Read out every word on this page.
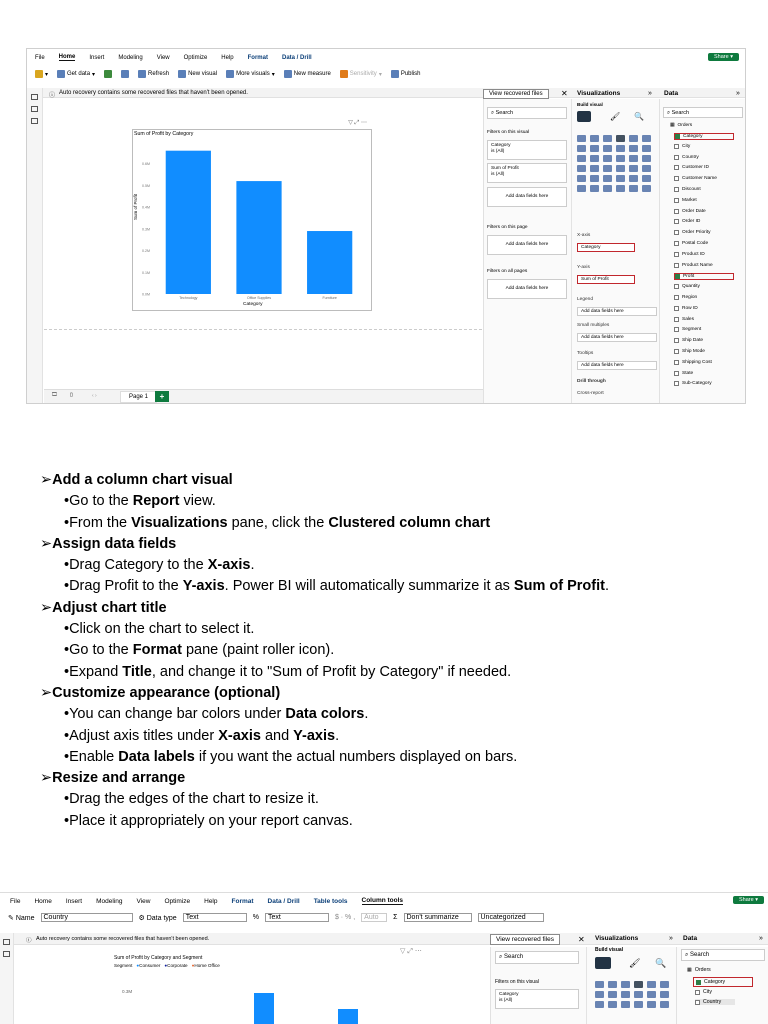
File Home Insert Modeling View Optimize Help Format Data / Drill	Share ▾
▾	Get data ▾	Refresh	New visual	More visuals ▾	New measure	Sensitivity ▾	Publish
ⓘ Auto recovery contains some recovered files that haven't been opened.	View recovered files	✕
Sum of Profit by Category
▽ ⤢ ⋯
Sum of Profit
Category
0.0M
0.1M
0.2M
0.3M
0.4M
0.5M
0.6M
Technology	Office Supplies	Furniture
🖵	▯	‹ ›	Page 1	+
⌕ Search
Filters on this visual
Category
is (All)
Sum of Profit
is (All)
Add data fields here
Filters on this page
Add data fields here
Filters on all pages
Add data fields here
Visualizations	»
Build visual
🖌 🔍
X-axis
Category
Y-axis
Sum of Profit
Legend
Add data fields here
Small multiples
Add data fields here
Tooltips
Add data fields here
Drill through
Cross-report
Data	»
⌕ Search
▦ Orders
Category
City
Country
Customer ID
Customer Name
Discount
Market
Order Date
Order ID
Order Priority
Postal Code
Product ID
Product Name
Profit
Quantity
Region
Row ID
Sales
Segment
Ship Date
Ship Mode
Shipping Cost
State
Sub-Category
➢Add a column chart visual
•Go to the Report view.
•From the Visualizations pane, click the Clustered column chart
➢Assign data fields
•Drag Category to the X-axis.
•Drag Profit to the Y-axis. Power BI will automatically summarize it as Sum of Profit.
➢Adjust chart title
•Click on the chart to select it.
•Go to the Format pane (paint roller icon).
•Expand Title, and change it to "Sum of Profit by Category" if needed.
➢Customize appearance (optional)
•You can change bar colors under Data colors.
•Adjust axis titles under X-axis and Y-axis.
•Enable Data labels if you want the actual numbers displayed on bars.
➢Resize and arrange
•Drag the edges of the chart to resize it.
•Place it appropriately on your report canvas.
File Home Insert Modeling View Optimize Help Format Data / Drill Table tools Column tools	Share ▾
✎ Name	Country	⚙ Data type	Text	%	Text	$ · % ,	Auto	Σ	Don't summarize	Uncategorized
ⓘ Auto recovery contains some recovered files that haven't been opened.	View recovered files	✕
Sum of Profit by Category and Segment
Segment ●Consumer ●Corporate ●Home Office
0.3M
▽ ⤢ ⋯
⌕ Search
Filters on this visual
Category
is (All)
Visualizations	»
Build visual
🖌 🔍
Data	»
⌕ Search
▦ Orders
Category
City
Country
